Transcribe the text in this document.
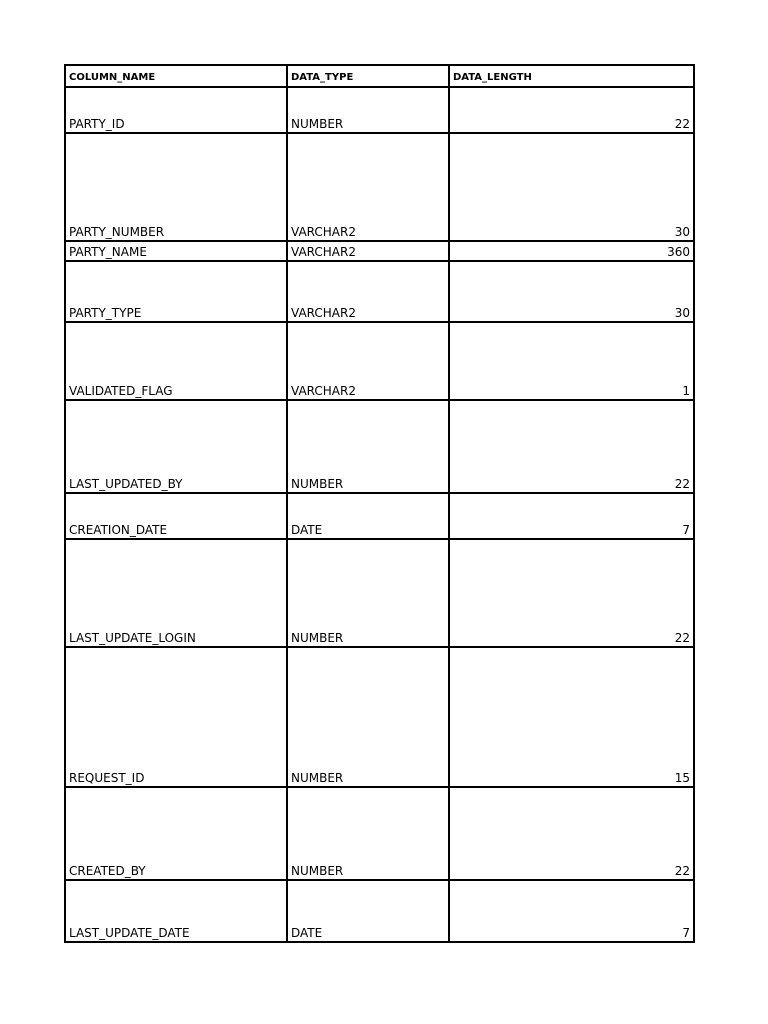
COLUMN_NAME	DATA_TYPE	DATA_LENGTH
PARTY_ID	NUMBER	22
PARTY_NUMBER	VARCHAR2	30
PARTY_NAME	VARCHAR2	360
PARTY_TYPE	VARCHAR2	30
VALIDATED_FLAG	VARCHAR2	1
LAST_UPDATED_BY	NUMBER	22
CREATION_DATE	DATE	7
LAST_UPDATE_LOGIN	NUMBER	22
REQUEST_ID	NUMBER	15
CREATED_BY	NUMBER	22
LAST_UPDATE_DATE	DATE	7
